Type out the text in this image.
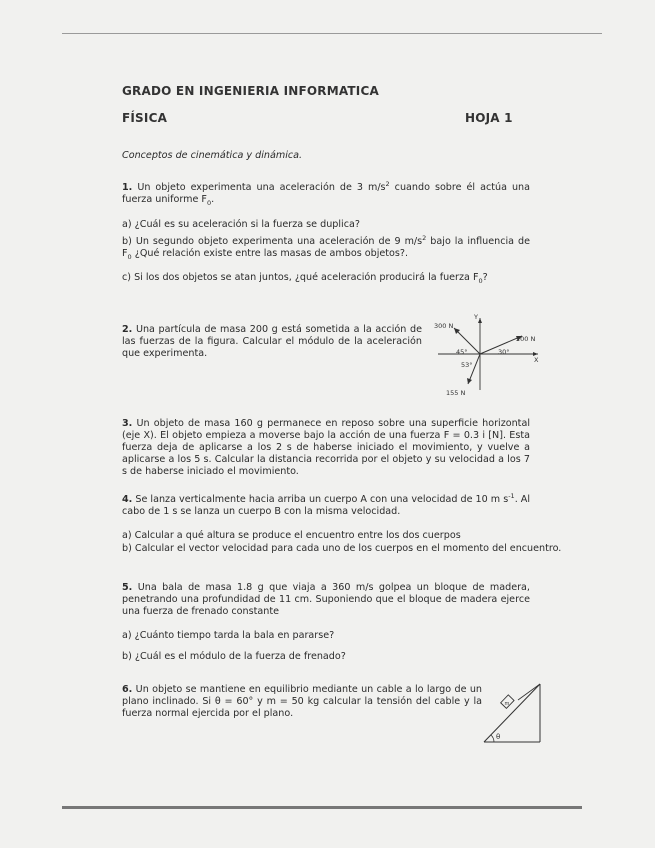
GRADO EN INGENIERIA INFORMATICA
FÍSICA	HOJA 1
Conceptos de cinemática y dinámica.
1. Un objeto experimenta una aceleración de 3 $m/s^2$ cuando sobre él actúa una fuerza uniforme $F_0$.
a) ¿Cuál es su aceleración si la fuerza se duplica?
b) Un segundo objeto experimenta una aceleración de 9 $m/s^2$ bajo la influencia de $F_0$ ¿Qué relación existe entre las masas de ambos objetos?.
c) Si los dos objetos se atan juntos, ¿qué aceleración producirá la fuerza $F_0$?
2. Una partícula de masa 200 g está sometida a la acción de las fuerzas de la figura. Calcular el módulo de la aceleración que experimenta.
300 N
200 N
155 N
45°	30°
53°
Y
X
3. Un objeto de masa 160 g permanece en reposo sobre una superficie horizontal (eje X). El objeto empieza a moverse bajo la acción de una fuerza F = 0.3 i [N]. Esta fuerza deja de aplicarse a los 2 s de haberse iniciado el movimiento, y vuelve a aplicarse a los 5 s. Calcular la distancia recorrida por el objeto y su velocidad a los 7 s de haberse iniciado el movimiento.
4. Se lanza verticalmente hacia arriba un cuerpo A con una velocidad de 10 m $s^{-1}$. Al cabo de 1 s se lanza un cuerpo B con la misma velocidad.
a) Calcular a qué altura se produce el encuentro entre los dos cuerpos
b) Calcular el vector velocidad para cada uno de los cuerpos en el momento del encuentro.
5. Una bala de masa 1.8 g que viaja a 360 m/s golpea un bloque de madera, penetrando una profundidad de 11 cm. Suponiendo que el bloque de madera ejerce una fuerza de frenado constante
a) ¿Cuánto tiempo tarda la bala en pararse?
b) ¿Cuál es el módulo de la fuerza de frenado?
6. Un objeto se mantiene en equilibrio mediante un cable a lo largo de un plano inclinado. Si θ = 60° y m = 50 kg calcular la tensión del cable y la fuerza normal ejercida por el plano.
m
θ
